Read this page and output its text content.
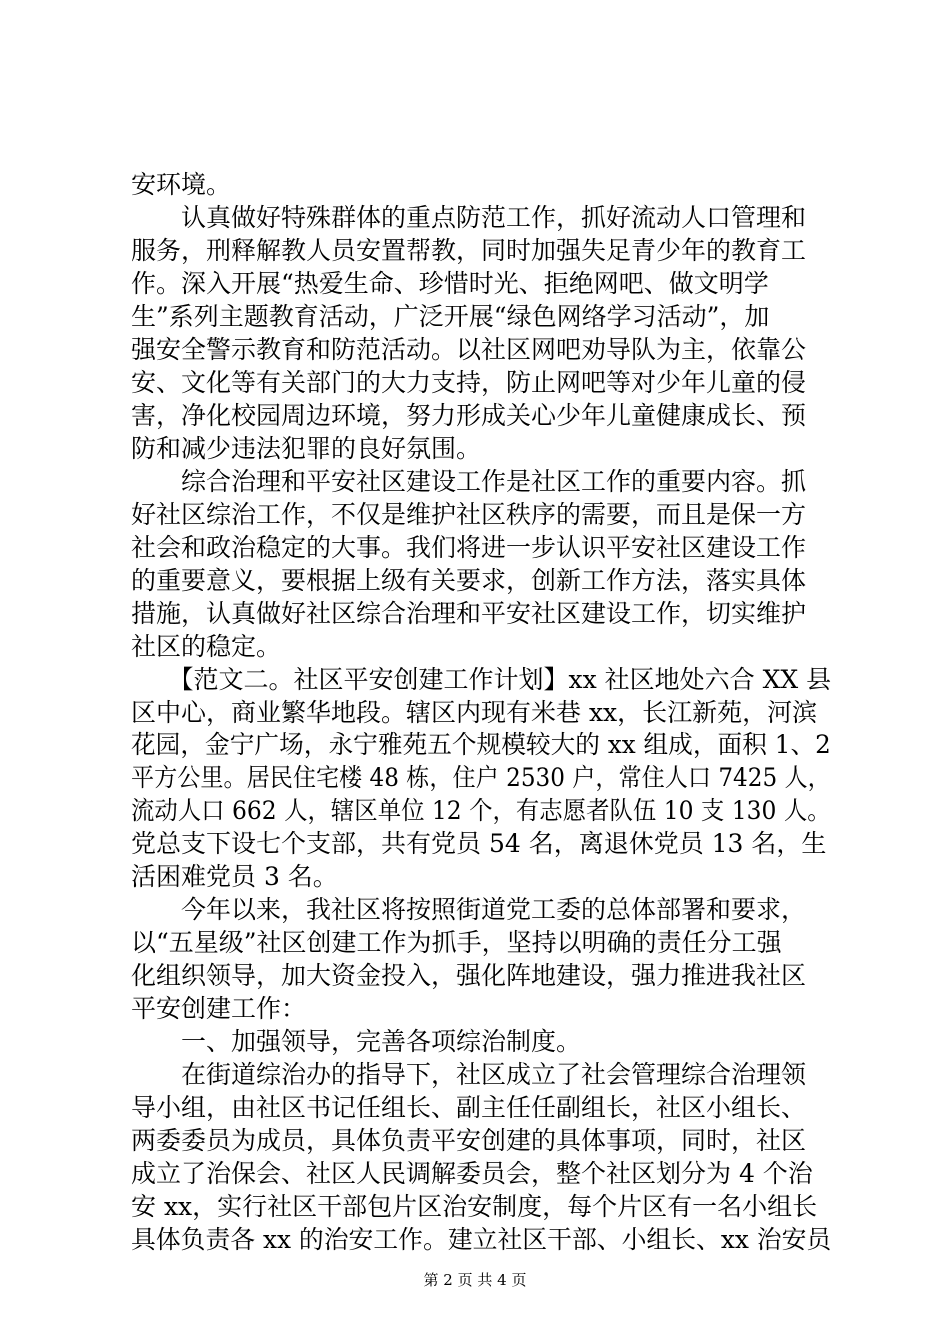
安环境。
　　认真做好特殊群体的重点防范工作，抓好流动人口管理和
服务，刑释解教人员安置帮教，同时加强失足青少年的教育工
作。深入开展“热爱生命、珍惜时光、拒绝网吧、做文明学
生”系列主题教育活动，广泛开展“绿色网络学习活动”，加
强安全警示教育和防范活动。以社区网吧劝导队为主，依靠公
安、文化等有关部门的大力支持，防止网吧等对少年儿童的侵
害，净化校园周边环境，努力形成关心少年儿童健康成长、预
防和减少违法犯罪的良好氛围。
　　综合治理和平安社区建设工作是社区工作的重要内容。抓
好社区综治工作，不仅是维护社区秩序的需要，而且是保一方
社会和政治稳定的大事。我们将进一步认识平安社区建设工作
的重要意义，要根据上级有关要求，创新工作方法，落实具体
措施，认真做好社区综合治理和平安社区建设工作，切实维护
社区的稳定。
　　【范文二。社区平安创建工作计划】xx 社区地处六合 XX 县
区中心，商业繁华地段。辖区内现有米巷 xx，长江新苑，河滨
花园，金宁广场，永宁雅苑五个规模较大的 xx 组成，面积 1、2
平方公里。居民住宅楼 48 栋，住户 2530 户，常住人口 7425 人，
流动人口 662 人，辖区单位 12 个，有志愿者队伍 10 支 130 人。
党总支下设七个支部，共有党员 54 名，离退休党员 13 名，生
活困难党员 3 名。
　　今年以来，我社区将按照街道党工委的总体部署和要求，
以“五星级”社区创建工作为抓手，坚持以明确的责任分工强
化组织领导，加大资金投入，强化阵地建设，强力推进我社区
平安创建工作：
　　一、加强领导，完善各项综治制度。
　　在街道综治办的指导下，社区成立了社会管理综合治理领
导小组，由社区书记任组长、副主任任副组长，社区小组长、
两委委员为成员，具体负责平安创建的具体事项，同时，社区
成立了治保会、社区人民调解委员会，整个社区划分为 4 个治
安 xx，实行社区干部包片区治安制度，每个片区有一名小组长
具体负责各 xx 的治安工作。建立社区干部、小组长、xx 治安员
第 2 页 共 4 页
